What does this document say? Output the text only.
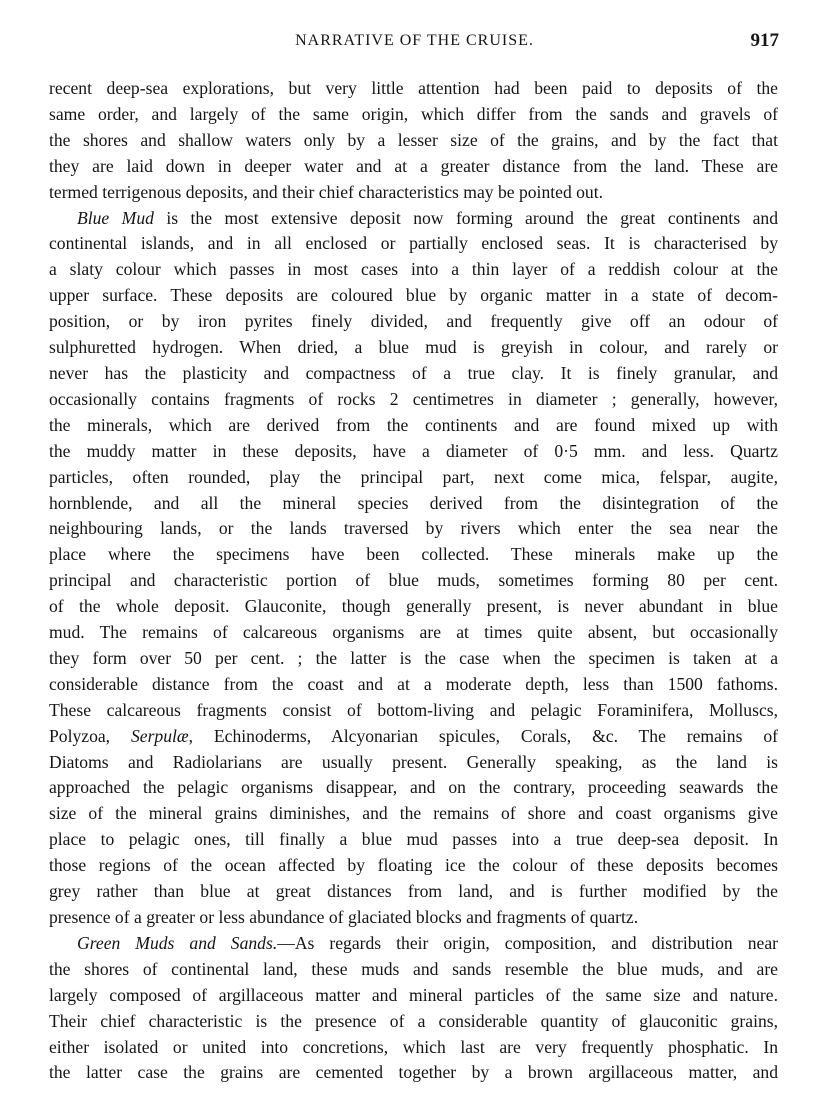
NARRATIVE OF THE CRUISE.	917
recent deep-sea explorations, but very little attention had been paid to deposits of the
same order, and largely of the same origin, which differ from the sands and gravels of
the shores and shallow waters only by a lesser size of the grains, and by the fact that
they are laid down in deeper water and at a greater distance from the land. These are
termed terrigenous deposits, and their chief characteristics may be pointed out.
Blue Mud is the most extensive deposit now forming around the great continents and
continental islands, and in all enclosed or partially enclosed seas. It is characterised by
a slaty colour which passes in most cases into a thin layer of a reddish colour at the
upper surface. These deposits are coloured blue by organic matter in a state of decom-
position, or by iron pyrites finely divided, and frequently give off an odour of
sulphuretted hydrogen. When dried, a blue mud is greyish in colour, and rarely or
never has the plasticity and compactness of a true clay. It is finely granular, and
occasionally contains fragments of rocks 2 centimetres in diameter ; generally, however,
the minerals, which are derived from the continents and are found mixed up with
the muddy matter in these deposits, have a diameter of 0·5 mm. and less. Quartz
particles, often rounded, play the principal part, next come mica, felspar, augite,
hornblende, and all the mineral species derived from the disintegration of the
neighbouring lands, or the lands traversed by rivers which enter the sea near the
place where the specimens have been collected. These minerals make up the
principal and characteristic portion of blue muds, sometimes forming 80 per cent.
of the whole deposit. Glauconite, though generally present, is never abundant in blue
mud. The remains of calcareous organisms are at times quite absent, but occasionally
they form over 50 per cent. ; the latter is the case when the specimen is taken at a
considerable distance from the coast and at a moderate depth, less than 1500 fathoms.
These calcareous fragments consist of bottom-living and pelagic Foraminifera, Molluscs,
Polyzoa, Serpulæ, Echinoderms, Alcyonarian spicules, Corals, &c. The remains of
Diatoms and Radiolarians are usually present. Generally speaking, as the land is
approached the pelagic organisms disappear, and on the contrary, proceeding seawards the
size of the mineral grains diminishes, and the remains of shore and coast organisms give
place to pelagic ones, till finally a blue mud passes into a true deep-sea deposit. In
those regions of the ocean affected by floating ice the colour of these deposits becomes
grey rather than blue at great distances from land, and is further modified by the
presence of a greater or less abundance of glaciated blocks and fragments of quartz.
Green Muds and Sands.—As regards their origin, composition, and distribution near
the shores of continental land, these muds and sands resemble the blue muds, and are
largely composed of argillaceous matter and mineral particles of the same size and nature.
Their chief characteristic is the presence of a considerable quantity of glauconitic grains,
either isolated or united into concretions, which last are very frequently phosphatic. In
the latter case the grains are cemented together by a brown argillaceous matter, and
